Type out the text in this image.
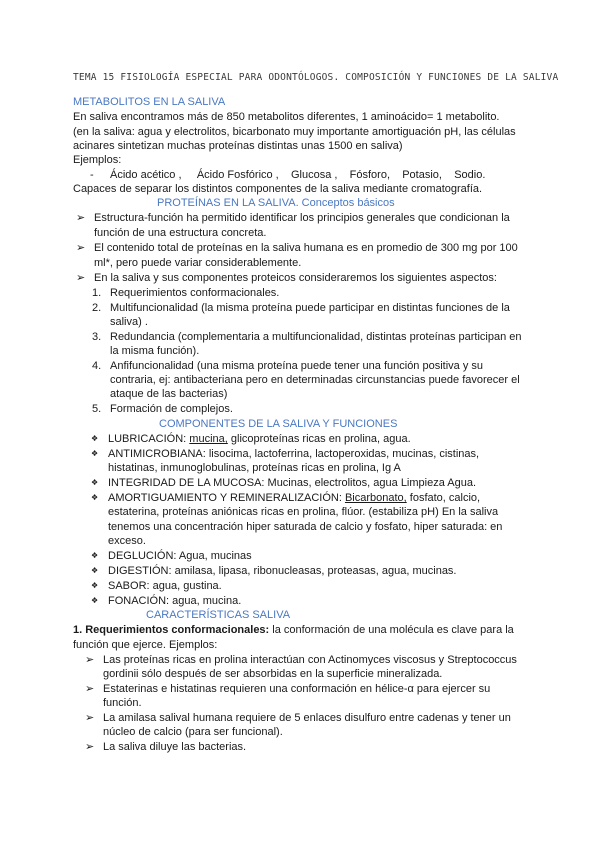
TEMA 15 FISIOLOGÍA ESPECIAL PARA ODONTÓLOGOS. COMPOSICIÓN Y FUNCIONES DE LA SALIVA
METABOLITOS EN LA SALIVA
En saliva encontramos más de 850 metabolitos diferentes, 1 aminoácido= 1 metabolito.
(en la saliva: agua y electrolitos, bicarbonato muy importante amortiguación pH, las células
acinares sintetizan muchas proteínas distintas unas 1500 en saliva)
Ejemplos:
- Ácido acético ,     Ácido Fosfórico ,    Glucosa ,    Fósforo,    Potasio,    Sodio.
Capaces de separar los distintos componentes de la saliva mediante cromatografía.
PROTEÍNAS EN LA SALIVA. Conceptos básicos
➢ Estructura-función ha permitido identificar los principios generales que condicionan la
función de una estructura concreta.
➢ El contenido total de proteínas en la saliva humana es en promedio de 300 mg por 100
ml*, pero puede variar considerablemente.
➢ En la saliva y sus componentes proteicos consideraremos los siguientes aspectos:
1. Requerimientos conformacionales.
2. Multifuncionalidad (la misma proteína puede participar en distintas funciones de la
saliva) .
3. Redundancia (complementaria a multifuncionalidad, distintas proteínas participan en
la misma función).
4. Anfifuncionalidad (una misma proteína puede tener una función positiva y su
contraria, ej: antibacteriana pero en determinadas circunstancias puede favorecer el
ataque de las bacterias)
5. Formación de complejos.
COMPONENTES DE LA SALIVA Y FUNCIONES
❖ LUBRICACIÓN: mucina, glicoproteínas ricas en prolina, agua.
❖ ANTIMICROBIANA: lisocima, lactoferrina, lactoperoxidas, mucinas, cistinas,
histatinas, inmunoglobulinas, proteínas ricas en prolina, Ig A
❖ INTEGRIDAD DE LA MUCOSA: Mucinas, electrolitos, agua Limpieza Agua.
❖ AMORTIGUAMIENTO Y REMINERALIZACIÓN: Bicarbonato, fosfato, calcio,
estaterina, proteínas aniónicas ricas en prolina, flúor. (estabiliza pH) En la saliva
tenemos una concentración hiper saturada de calcio y fosfato, hiper saturada: en
exceso.
❖ DEGLUCIÓN: Agua, mucinas
❖ DIGESTIÓN: amilasa, lipasa, ribonucleasas, proteasas, agua, mucinas.
❖ SABOR: agua, gustina.
❖ FONACIÓN: agua, mucina.
CARACTERÍSTICAS SALIVA
1. Requerimientos conformacionales: la conformación de una molécula es clave para la
función que ejerce. Ejemplos:
➢ Las proteínas ricas en prolina interactúan con Actinomyces viscosus y Streptococcus
gordinii sólo después de ser absorbidas en la superficie mineralizada.
➢ Estaterinas e histatinas requieren una conformación en hélice-α para ejercer su
función.
➢ La amilasa salival humana requiere de 5 enlaces disulfuro entre cadenas y tener un
núcleo de calcio (para ser funcional).
➢ La saliva diluye las bacterias.
